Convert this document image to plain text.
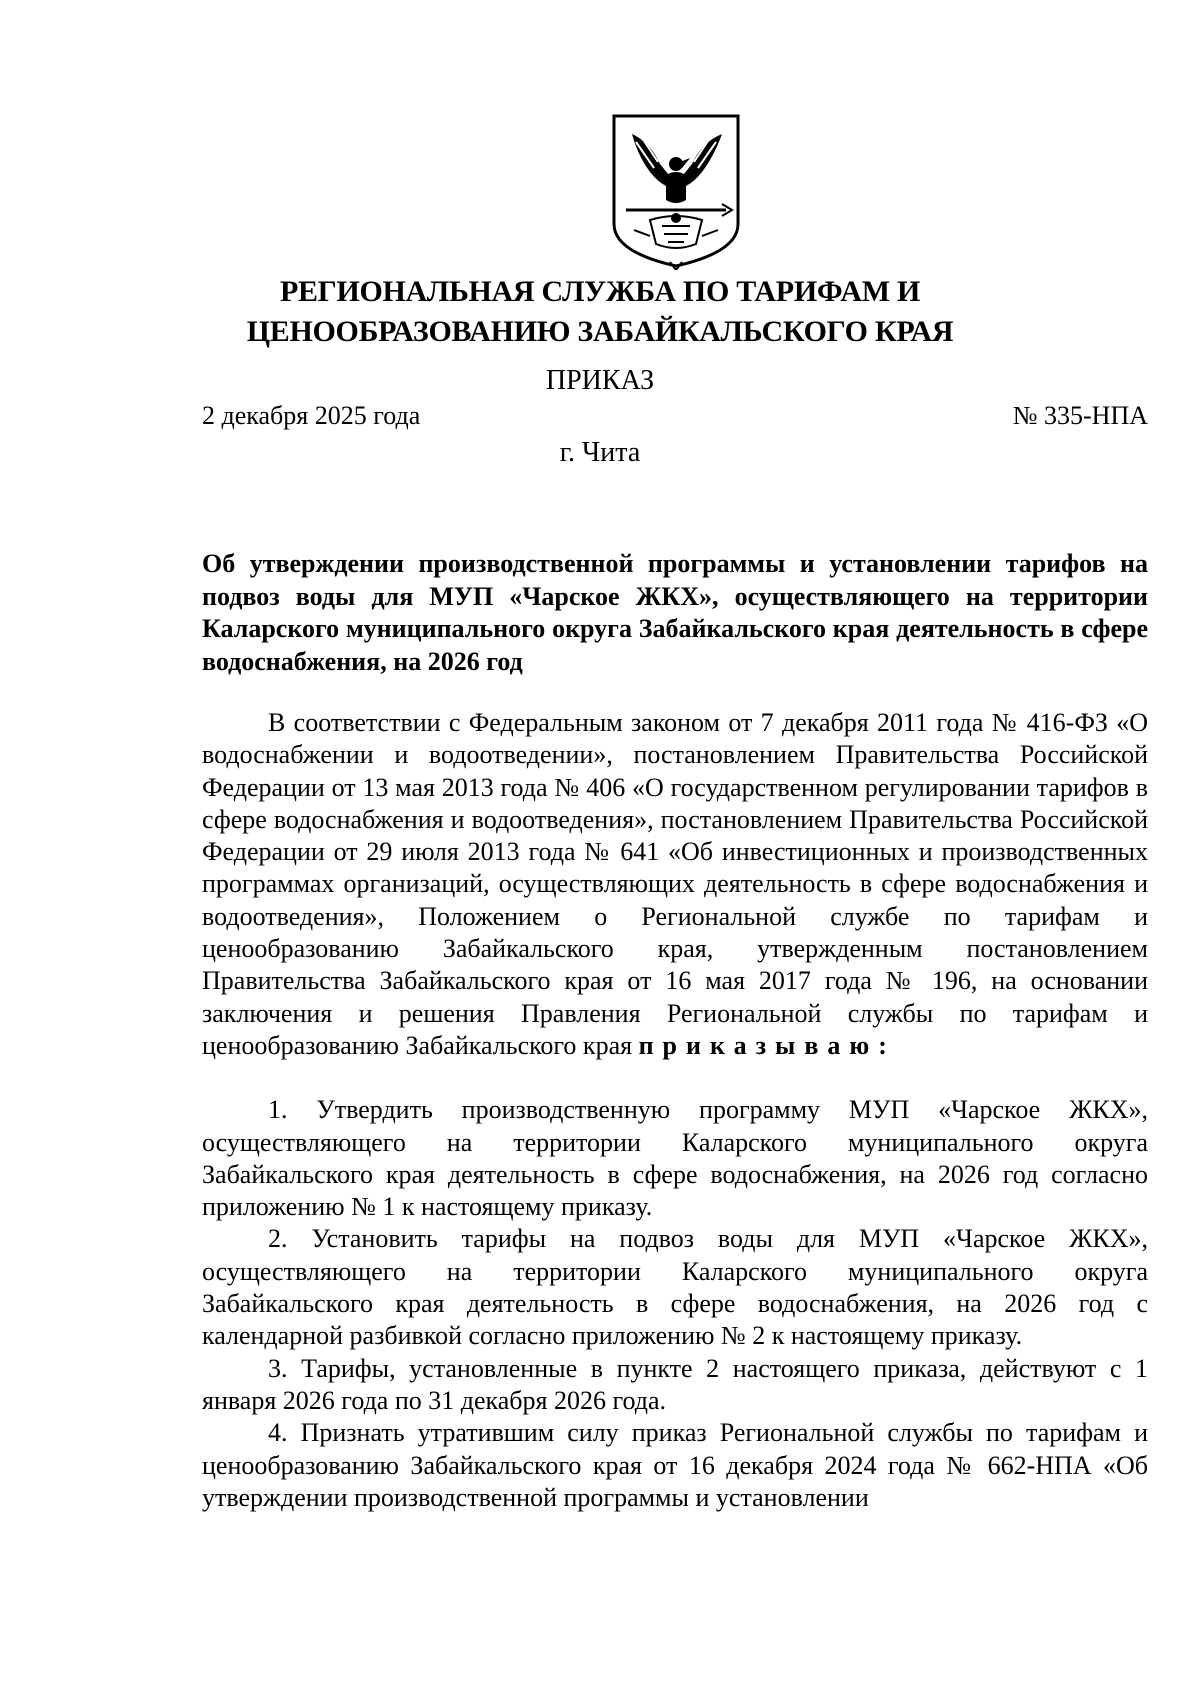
РЕГИОНАЛЬНАЯ СЛУЖБА ПО ТАРИФАМ И
ЦЕНООБРАЗОВАНИЮ ЗАБАЙКАЛЬСКОГО КРАЯ
ПРИКАЗ
2 декабря 2025 года	№ 335-НПА
г. Чита
Об утверждении производственной программы и установлении тарифов на подвоз воды для МУП «Чарское ЖКХ», осуществляющего на территории Каларского муниципального округа Забайкальского края деятельность в сфере водоснабжения, на 2026 год

В соответствии с Федеральным законом от 7 декабря 2011 года № 416-ФЗ «О водоснабжении и водоотведении», постановлением Правительства Российской Федерации от 13 мая 2013 года № 406 «О государственном регулировании тарифов в сфере водоснабжения и водоотведения», постановлением Правительства Российской Федерации от 29 июля 2013 года № 641 «Об инвестиционных и производственных программах организаций, осуществляющих деятельность в сфере водоснабжения и водоотведения», Положением о Региональной службе по тарифам и ценообразованию Забайкальского края, утвержденным постановлением Правительства Забайкальского края от 16 мая 2017 года № 196, на основании заключения и решения Правления Региональной службы по тарифам и ценообразованию Забайкальского края приказываю:

1. Утвердить производственную программу МУП «Чарское ЖКХ», осуществляющего на территории Каларского муниципального округа Забайкальского края деятельность в сфере водоснабжения, на 2026 год согласно приложению № 1 к настоящему приказу.

2. Установить тарифы на подвоз воды для МУП «Чарское ЖКХ», осуществляющего на территории Каларского муниципального округа Забайкальского края деятельность в сфере водоснабжения, на 2026 год с календарной разбивкой согласно приложению № 2 к настоящему приказу.

3. Тарифы, установленные в пункте 2 настоящего приказа, действуют с 1 января 2026 года по 31 декабря 2026 года.

4. Признать утратившим силу приказ Региональной службы по тарифам и ценообразованию Забайкальского края от 16 декабря 2024 года № 662-НПА «Об утверждении производственной программы и установлении
